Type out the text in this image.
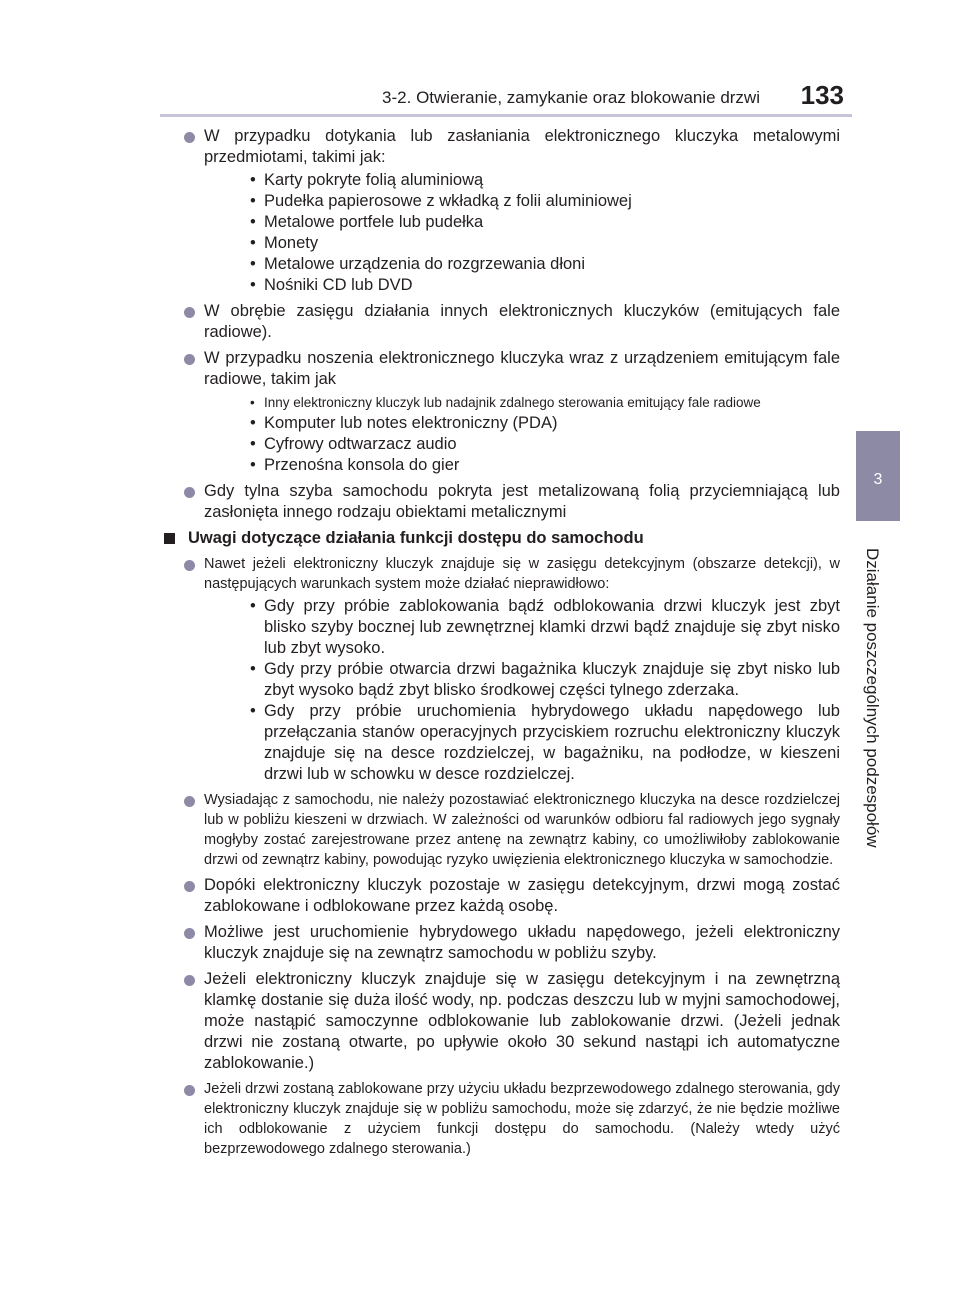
3-2. Otwieranie, zamykanie oraz blokowanie drzwi 133
3
Działanie poszczególnych podzespołów
W przypadku dotykania lub zasłaniania elektronicznego kluczyka metalowymi przedmiotami, takimi jak:
• Karty pokryte folią aluminiową
• Pudełka papierosowe z wkładką z folii aluminiowej
• Metalowe portfele lub pudełka
• Monety
• Metalowe urządzenia do rozgrzewania dłoni
• Nośniki CD lub DVD
W obrębie zasięgu działania innych elektronicznych kluczyków (emitujących fale radiowe).
W przypadku noszenia elektronicznego kluczyka wraz z urządzeniem emitującym fale radiowe, takim jak
• Inny elektroniczny kluczyk lub nadajnik zdalnego sterowania emitujący fale radiowe
• Komputer lub notes elektroniczny (PDA)
• Cyfrowy odtwarzacz audio
• Przenośna konsola do gier
Gdy tylna szyba samochodu pokryta jest metalizowaną folią przyciemniającą lub zasłonięta innego rodzaju obiektami metalicznymi
Uwagi dotyczące działania funkcji dostępu do samochodu
Nawet jeżeli elektroniczny kluczyk znajduje się w zasięgu detekcyjnym (obszarze detekcji), w następujących warunkach system może działać nieprawidłowo:
• Gdy przy próbie zablokowania bądź odblokowania drzwi kluczyk jest zbyt blisko szyby bocznej lub zewnętrznej klamki drzwi bądź znajduje się zbyt nisko lub zbyt wysoko.
• Gdy przy próbie otwarcia drzwi bagażnika kluczyk znajduje się zbyt nisko lub zbyt wysoko bądź zbyt blisko środkowej części tylnego zderzaka.
• Gdy przy próbie uruchomienia hybrydowego układu napędowego lub przełączania stanów operacyjnych przyciskiem rozruchu elektroniczny kluczyk znajduje się na desce rozdzielczej, w bagażniku, na podłodze, w kieszeni drzwi lub w schowku w desce rozdzielczej.
Wysiadając z samochodu, nie należy pozostawiać elektronicznego kluczyka na desce rozdzielczej lub w pobliżu kieszeni w drzwiach. W zależności od warunków odbioru fal radiowych jego sygnały mogłyby zostać zarejestrowane przez antenę na zewnątrz kabiny, co umożliwiłoby zablokowanie drzwi od zewnątrz kabiny, powodując ryzyko uwięzienia elektronicznego kluczyka w samochodzie.
Dopóki elektroniczny kluczyk pozostaje w zasięgu detekcyjnym, drzwi mogą zostać zablokowane i odblokowane przez każdą osobę.
Możliwe jest uruchomienie hybrydowego układu napędowego, jeżeli elektroniczny kluczyk znajduje się na zewnątrz samochodu w pobliżu szyby.
Jeżeli elektroniczny kluczyk znajduje się w zasięgu detekcyjnym i na zewnętrzną klamkę dostanie się duża ilość wody, np. podczas deszczu lub w myjni samochodowej, może nastąpić samoczynne odblokowanie lub zablokowanie drzwi. (Jeżeli jednak drzwi nie zostaną otwarte, po upływie około 30 sekund nastąpi ich automatyczne zablokowanie.)
Jeżeli drzwi zostaną zablokowane przy użyciu układu bezprzewodowego zdalnego sterowania, gdy elektroniczny kluczyk znajduje się w pobliżu samochodu, może się zdarzyć, że nie będzie możliwe ich odblokowanie z użyciem funkcji dostępu do samochodu. (Należy wtedy użyć bezprzewodowego zdalnego sterowania.)
